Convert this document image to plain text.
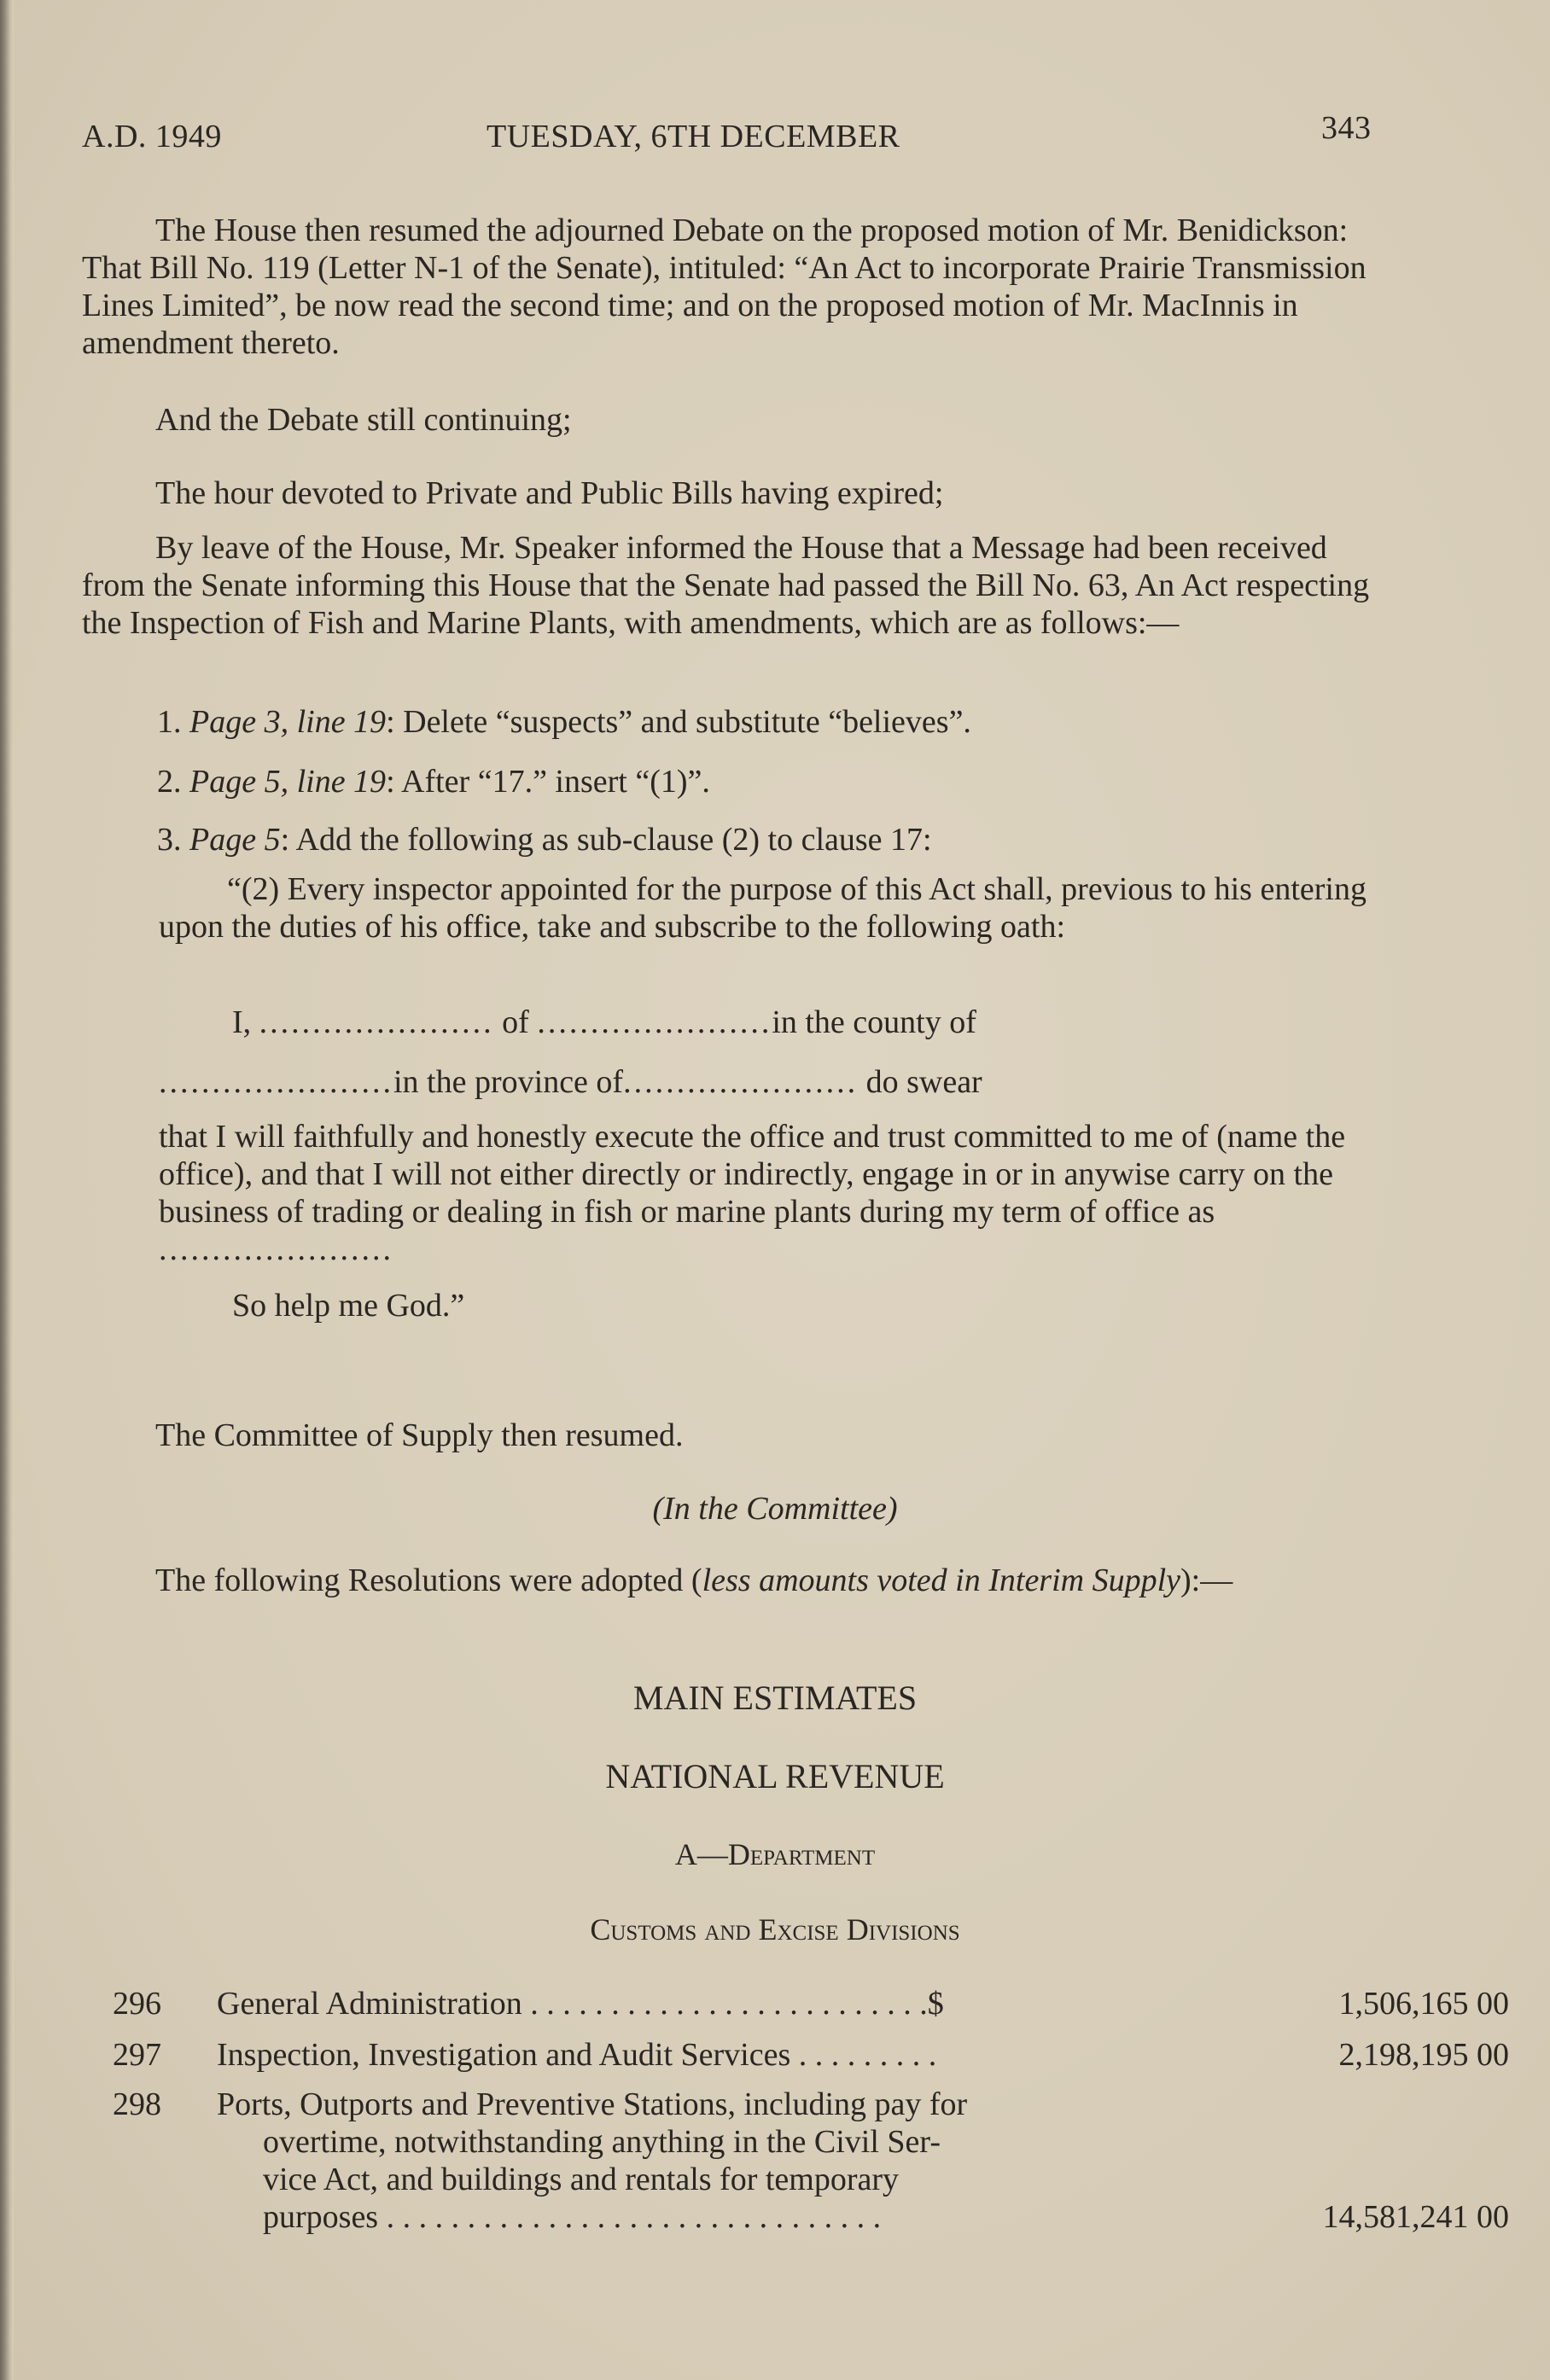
A.D. 1949	TUESDAY, 6TH DECEMBER	343
The House then resumed the adjourned Debate on the proposed motion of Mr. Benidickson: That Bill No. 119 (Letter N-1 of the Senate), intituled: “An Act to incorporate Prairie Transmission Lines Limited”, be now read the second time; and on the proposed motion of Mr. MacInnis in amendment thereto.
And the Debate still continuing;
The hour devoted to Private and Public Bills having expired;
By leave of the House, Mr. Speaker informed the House that a Message had been received from the Senate informing this House that the Senate had passed the Bill No. 63, An Act respecting the Inspection of Fish and Marine Plants, with amendments, which are as follows:—
1. Page 3, line 19: Delete “suspects” and substitute “believes”.
2. Page 5, line 19: After “17.” insert “(1)”.
3. Page 5: Add the following as sub-clause (2) to clause 17:
“(2) Every inspector appointed for the purpose of this Act shall, previous to his entering upon the duties of his office, take and subscribe to the following oath:
I, ...................... of ......................in the county of
......................in the province of...................... do swear
that I will faithfully and honestly execute the office and trust committed to me of (name the office), and that I will not either directly or indirectly, engage in or in anywise carry on the business of trading or dealing in fish or marine plants during my term of office as ......................
So help me God.”
The Committee of Supply then resumed.
(In the Committee)
The following Resolutions were adopted (less amounts voted in Interim Supply):—
MAIN ESTIMATES
NATIONAL REVENUE
A—Department
Customs and Excise Divisions
296	General Administration . . . . . . . . . . . . . . . . . . . . . . . . .$	1,506,165 00
297	Inspection, Investigation and Audit Services . . . . . . . . .	2,198,195 00
298	Ports, Outports and Preventive Stations, including pay for
overtime, notwithstanding anything in the Civil Ser-
vice Act, and buildings and rentals for temporary
purposes . . . . . . . . . . . . . . . . . . . . . . . . . . . . . . .	14,581,241 00
